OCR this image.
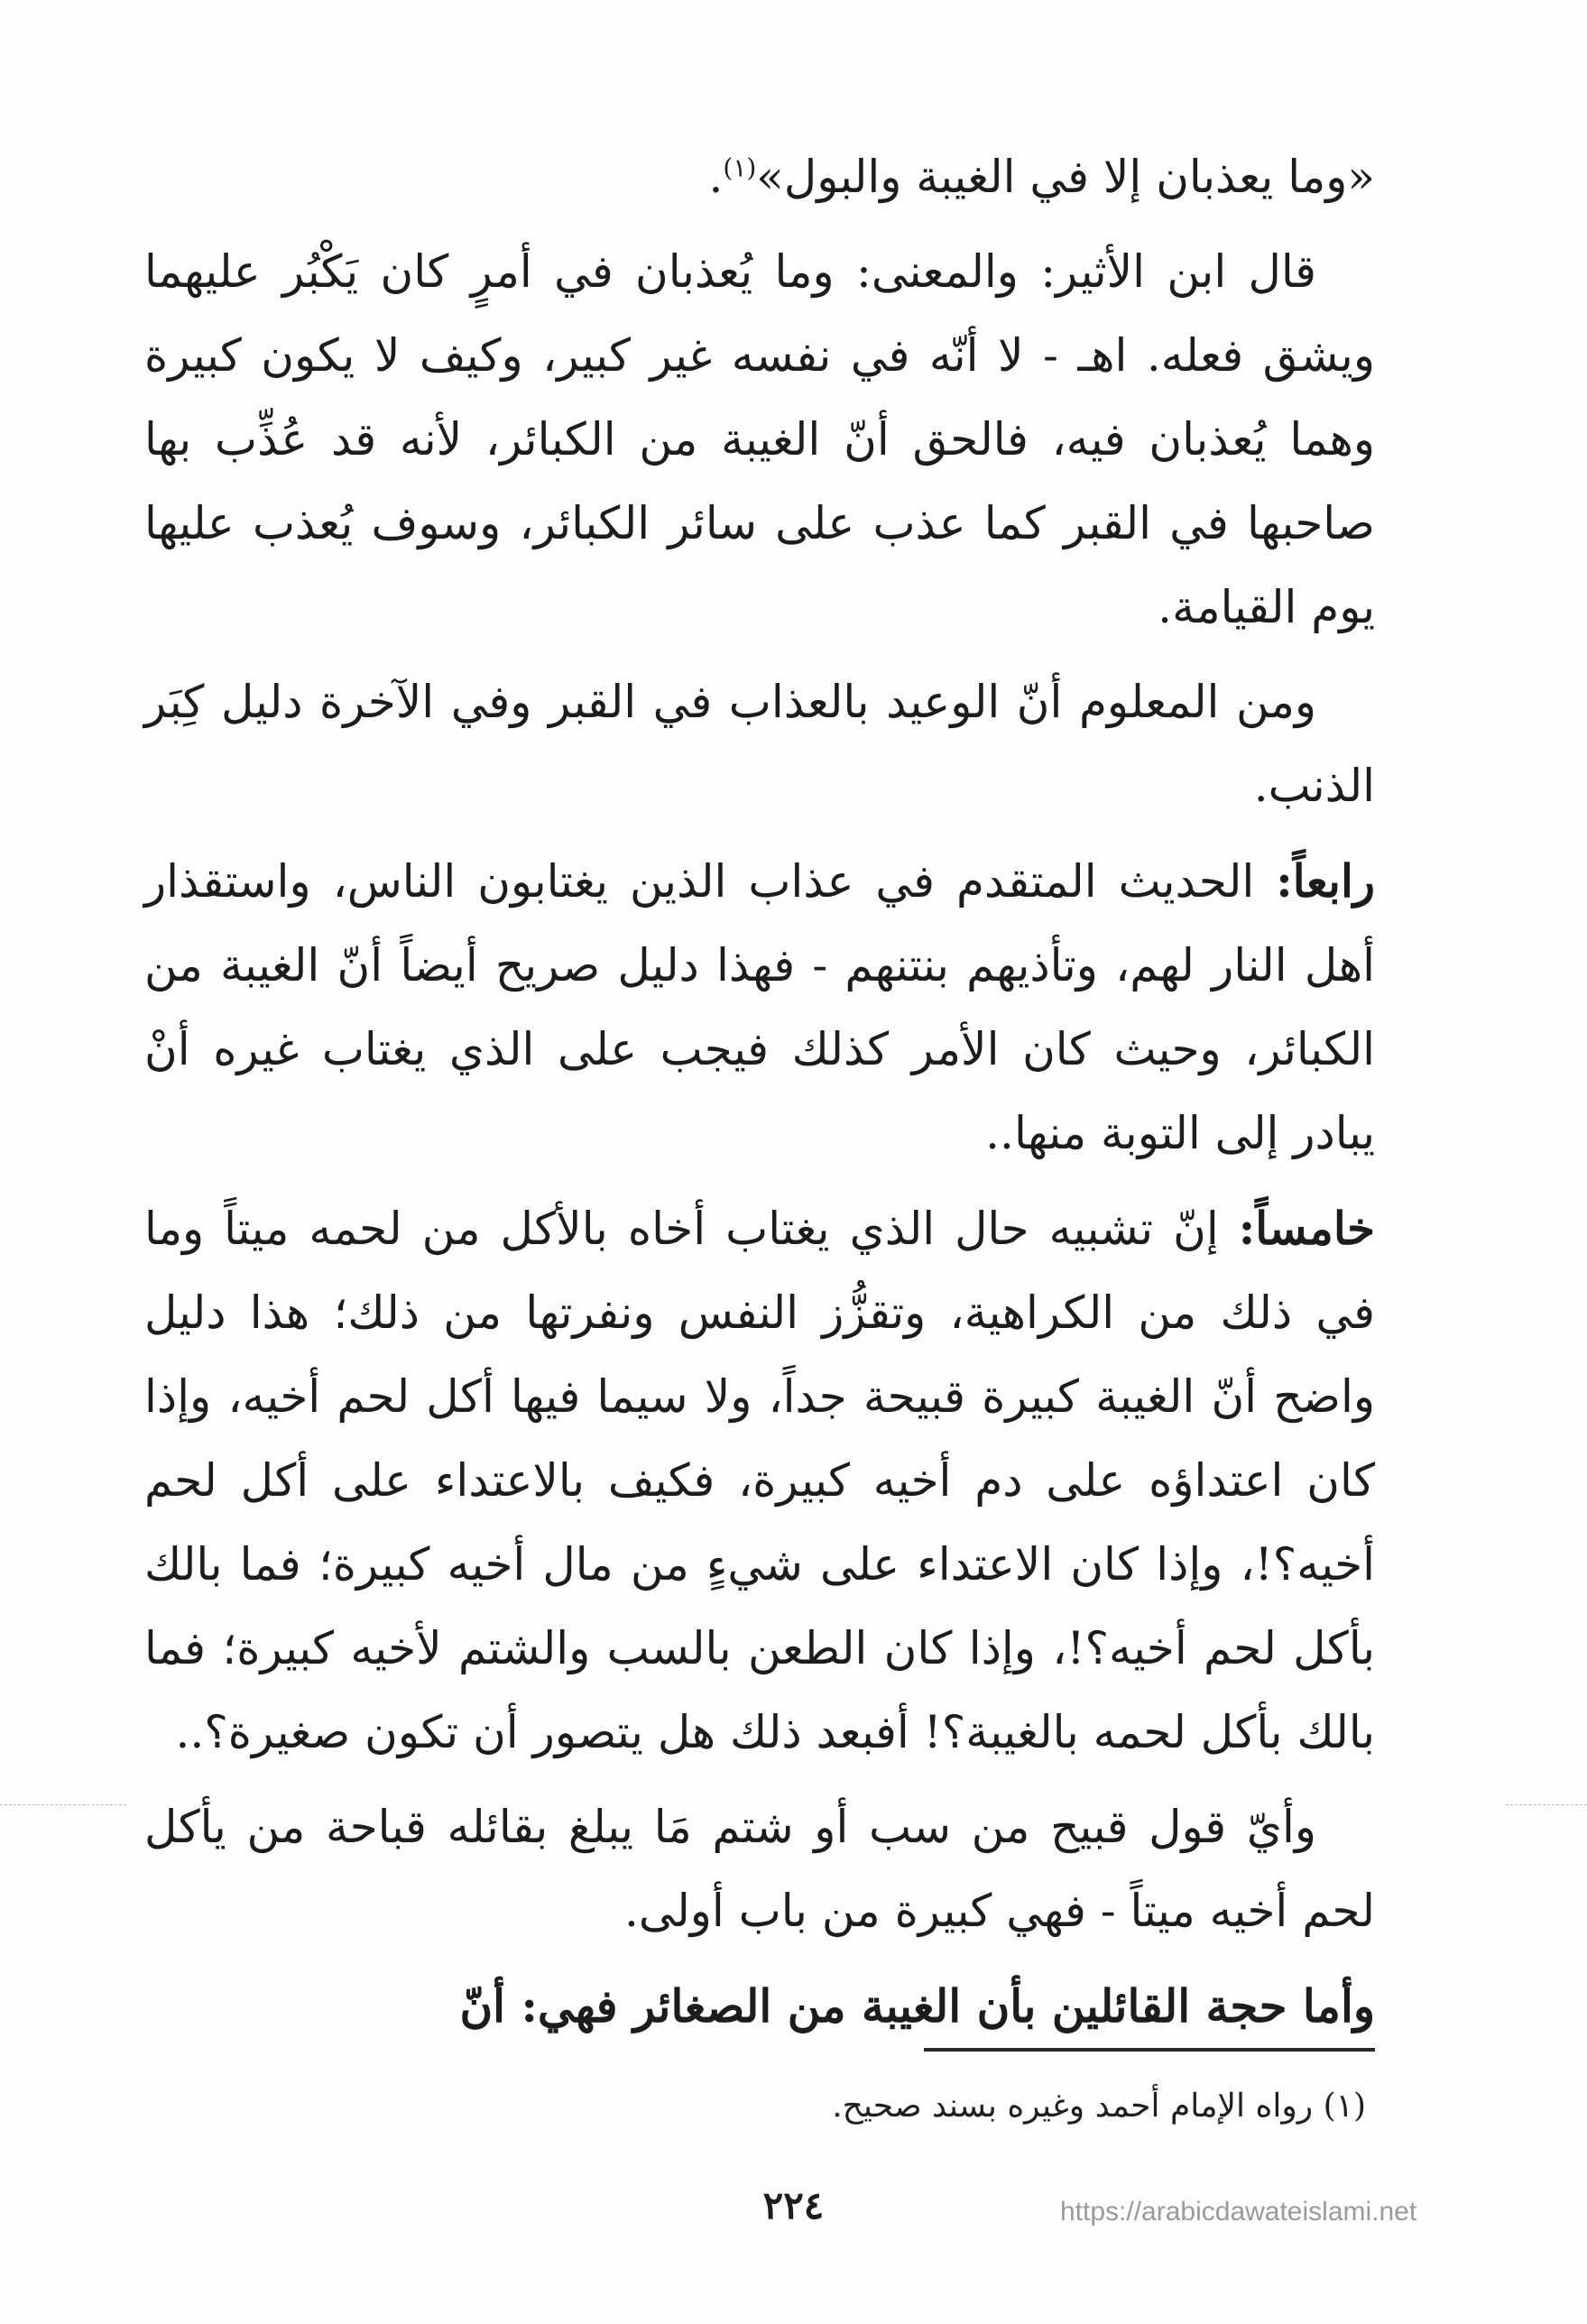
«وما يعذبان إلا في الغيبة والبول»$^{(١)}$.

قال ابن الأثير: والمعنى: وما يُعذبان في أمرٍ كان يَكْبُر عليهما ويشق فعله. اهـ - لا أنّه في نفسه غير كبير، وكيف لا يكون كبيرة وهما يُعذبان فيه، فالحق أنّ الغيبة من الكبائر، لأنه قد عُذِّب بها صاحبها في القبر كما عذب على سائر الكبائر، وسوف يُعذب عليها يوم القيامة.

ومن المعلوم أنّ الوعيد بالعذاب في القبر وفي الآخرة دليل كِبَر الذنب.

رابعاً: الحديث المتقدم في عذاب الذين يغتابون الناس، واستقذار أهل النار لهم، وتأذيهم بنتنهم - فهذا دليل صريح أيضاً أنّ الغيبة من الكبائر، وحيث كان الأمر كذلك فيجب على الذي يغتاب غيره أنْ يبادر إلى التوبة منها..

خامساً: إنّ تشبيه حال الذي يغتاب أخاه بالأكل من لحمه ميتاً وما في ذلك من الكراهية، وتقزُّز النفس ونفرتها من ذلك؛ هذا دليل واضح أنّ الغيبة كبيرة قبيحة جداً، ولا سيما فيها أكل لحم أخيه، وإذا كان اعتداؤه على دم أخيه كبيرة، فكيف بالاعتداء على أكل لحم أخيه؟!، وإذا كان الاعتداء على شيءٍ من مال أخيه كبيرة؛ فما بالك بأكل لحم أخيه؟!، وإذا كان الطعن بالسب والشتم لأخيه كبيرة؛ فما بالك بأكل لحمه بالغيبة؟! أفبعد ذلك هل يتصور أن تكون صغيرة؟..

وأيّ قول قبيح من سب أو شتم مَا يبلغ بقائله قباحة من يأكل لحم أخيه ميتاً - فهي كبيرة من باب أولى.

وأما حجة القائلين بأن الغيبة من الصغائر فهي: أنّ

(١) رواه الإمام أحمد وغيره بسند صحيح.
٢٢٤	https://arabicdawateislami.net
